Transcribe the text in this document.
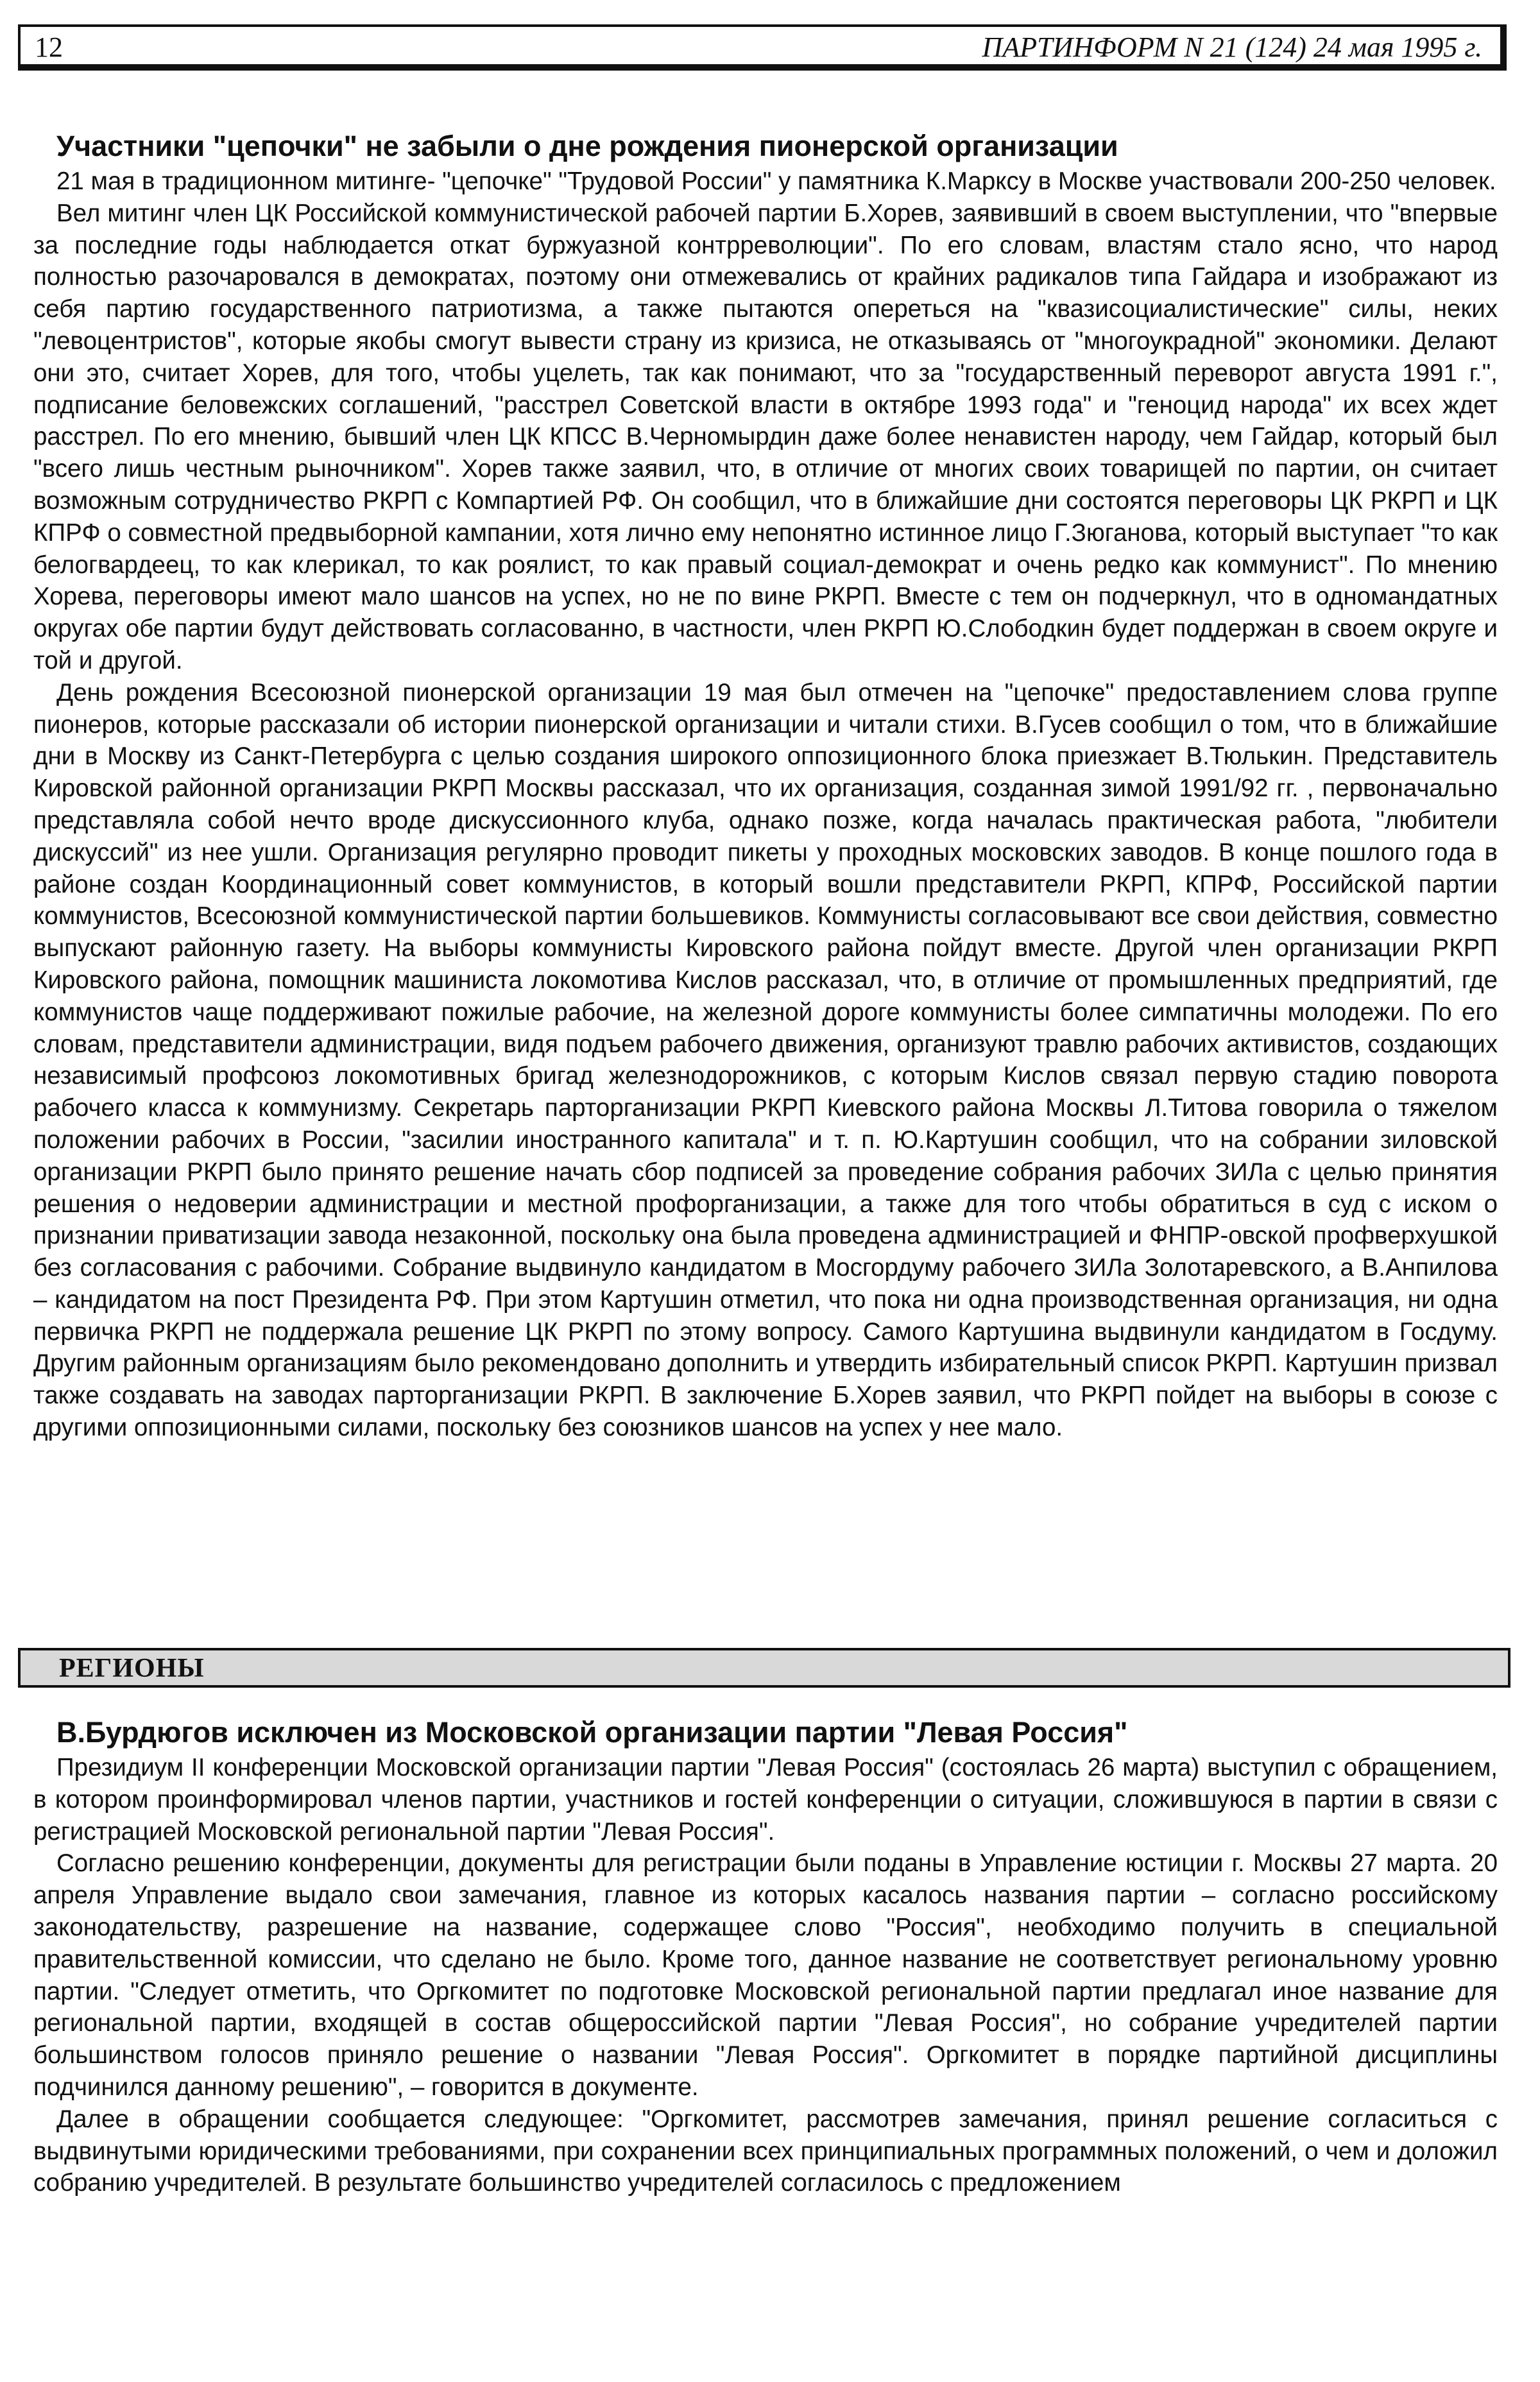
12	ПАРТИНФОРМ N 21 (124) 24 мая 1995 г.
Участники "цепочки" не забыли о дне рождения пионерской организации

21 мая в традиционном митинге- "цепочке" "Трудовой России" у памятника К.Марксу в Москве участвовали 200-250 человек.

Вел митинг член ЦК Российской коммунистической рабочей партии Б.Хорев, заявивший в своем выступлении, что "впервые за последние годы наблюдается откат буржуазной контрреволюции". По его словам, властям стало ясно, что народ полностью разочаровался в демократах, поэтому они отмежевались от крайних радикалов типа Гайдара и изображают из себя партию государственного патриотизма, а также пытаются опереться на "квазисоциалистические" силы, неких "левоцентристов", которые якобы смогут вывести страну из кризиса, не отказываясь от "многоукрадной" экономики. Делают они это, считает Хорев, для того, чтобы уцелеть, так как понимают, что за "государственный переворот августа 1991 г.", подписание беловежских соглашений, "расстрел Советской власти в октябре 1993 года" и "геноцид народа" их всех ждет расстрел. По его мнению, бывший член ЦК КПСС В.Черномырдин даже более ненавистен народу, чем Гайдар, который был "всего лишь честным рыночником". Хорев также заявил, что, в отличие от многих своих товарищей по партии, он считает возможным сотрудничество РКРП с Компартией РФ. Он сообщил, что в ближайшие дни состоятся переговоры ЦК РКРП и ЦК КПРФ о совместной предвыборной кампании, хотя лично ему непонятно истинное лицо Г.Зюганова, который выступает "то как белогвардеец, то как клерикал, то как роялист, то как правый социал-демократ и очень редко как коммунист". По мнению Хорева, переговоры имеют мало шансов на успех, но не по вине РКРП. Вместе с тем он подчеркнул, что в одномандатных округах обе партии будут действовать согласованно, в частности, член РКРП Ю.Слободкин будет поддержан в своем округе и той и другой.

День рождения Всесоюзной пионерской организации 19 мая был отмечен на "цепочке" предоставлением слова группе пионеров, которые рассказали об истории пионерской организации и читали стихи. В.Гусев сообщил о том, что в ближайшие дни в Москву из Санкт-Петербурга с целью создания широкого оппозиционного блока приезжает В.Тюлькин. Представитель Кировской районной организации РКРП Москвы рассказал, что их организация, созданная зимой 1991/92 гг. , первоначально представляла собой нечто вроде дискуссионного клуба, однако позже, когда началась практическая работа, "любители дискуссий" из нее ушли. Организация регулярно проводит пикеты у проходных московских заводов. В конце пошлого года в районе создан Координационный совет коммунистов, в который вошли представители РКРП, КПРФ, Российской партии коммунистов, Всесоюзной коммунистической партии большевиков. Коммунисты согласовывают все свои действия, совместно выпускают районную газету. На выборы коммунисты Кировского района пойдут вместе. Другой член организации РКРП Кировского района, помощник машиниста локомотива Кислов рассказал, что, в отличие от промышленных предприятий, где коммунистов чаще поддерживают пожилые рабочие, на железной дороге коммунисты более симпатичны молодежи. По его словам, представители администрации, видя подъем рабочего движения, организуют травлю рабочих активистов, создающих независимый профсоюз локомотивных бригад железнодорожников, с которым Кислов связал первую стадию поворота рабочего класса к коммунизму. Секретарь парторганизации РКРП Киевского района Москвы Л.Титова говорила о тяжелом положении рабочих в России, "засилии иностранного капитала" и т. п. Ю.Картушин сообщил, что на собрании зиловской организации РКРП было принято решение начать сбор подписей за проведение собрания рабочих ЗИЛа с целью принятия решения о недоверии администрации и местной профорганизации, а также для того чтобы обратиться в суд с иском о признании приватизации завода незаконной, поскольку она была проведена администрацией и ФНПР-овской профверхушкой без согласования с рабочими. Собрание выдвинуло кандидатом в Мосгордуму рабочего ЗИЛа Золотаревского, а В.Анпилова – кандидатом на пост Президента РФ. При этом Картушин отметил, что пока ни одна производственная организация, ни одна первичка РКРП не поддержала решение ЦК РКРП по этому вопросу. Самого Картушина выдвинули кандидатом в Госдуму. Другим районным организациям было рекомендовано дополнить и утвердить избирательный список РКРП. Картушин призвал также создавать на заводах парторганизации РКРП. В заключение Б.Хорев заявил, что РКРП пойдет на выборы в союзе с другими оппозиционными силами, поскольку без союзников шансов на успех у нее мало.

РЕГИОНЫ
В.Бурдюгов исключен из Московской организации партии "Левая Россия"

Президиум II конференции Московской организации партии "Левая Россия" (состоялась 26 марта) выступил с обращением, в котором проинформировал членов партии, участников и гостей конференции о ситуации, сложившуюся в партии в связи с регистрацией Московской региональной партии "Левая Россия".

Согласно решению конференции, документы для регистрации были поданы в Управление юстиции г. Москвы 27 марта. 20 апреля Управление выдало свои замечания, главное из которых касалось названия партии – согласно российскому законодательству, разрешение на название, содержащее слово "Россия", необходимо получить в специальной правительственной комиссии, что сделано не было. Кроме того, данное название не соответствует региональному уровню партии. "Следует отметить, что Оргкомитет по подготовке Московской региональной партии предлагал иное название для региональной партии, входящей в состав общероссийской партии "Левая Россия", но собрание учредителей партии большинством голосов приняло решение о названии "Левая Россия". Оргкомитет в порядке партийной дисциплины подчинился данному решению", – говорится в документе.

Далее в обращении сообщается следующее: "Оргкомитет, рассмотрев замечания, принял решение согласиться с выдвинутыми юридическими требованиями, при сохранении всех принципиальных программных положений, о чем и доложил собранию учредителей. В результате большинство учредителей согласилось с предложением
